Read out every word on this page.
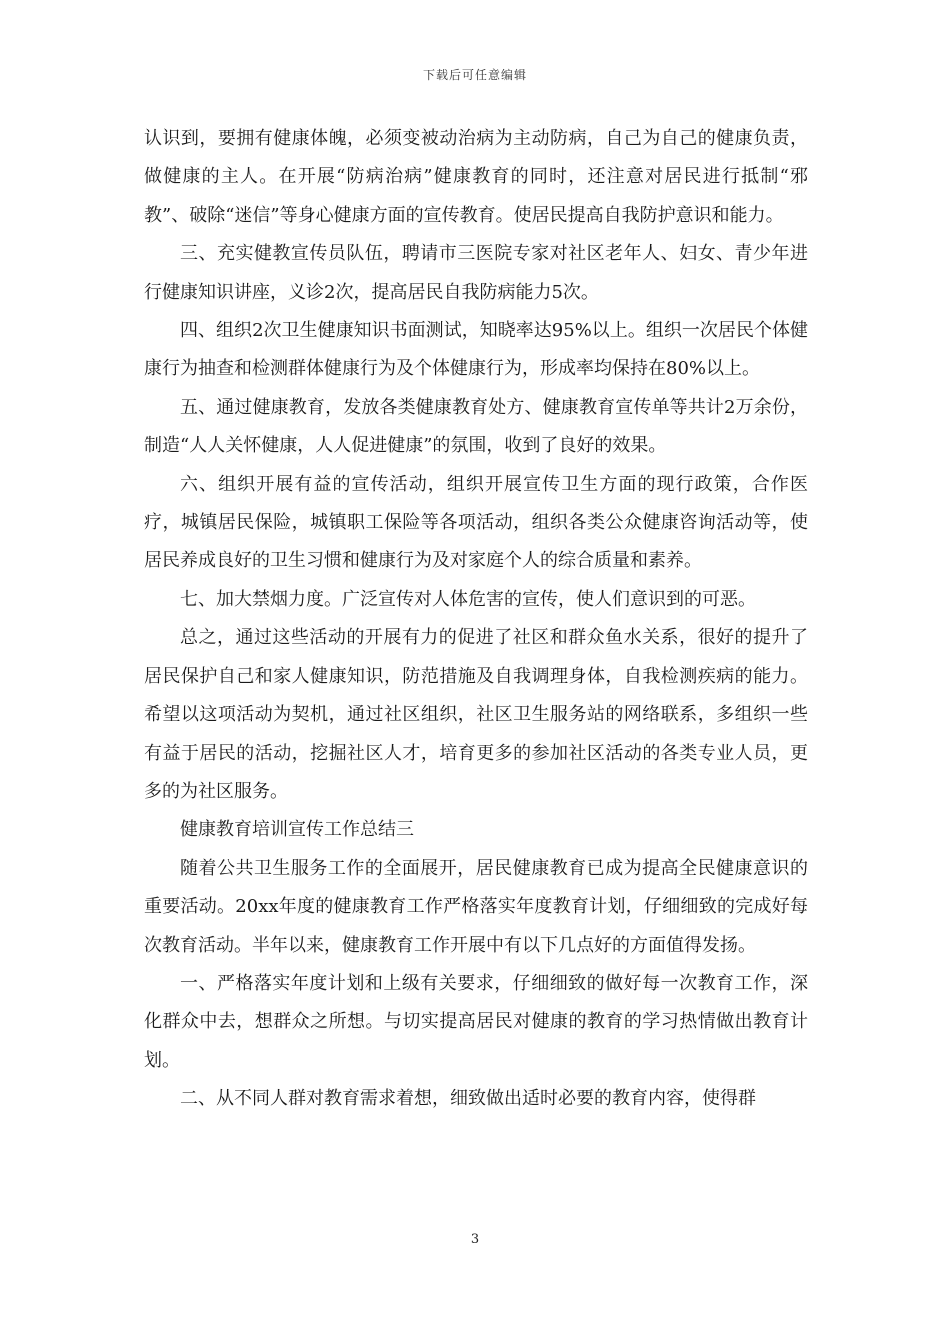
下载后可任意编辑

认识到，要拥有健康体魄，必须变被动治病为主动防病，自己为自己的健康负责，做健康的主人。在开展“防病治病”健康教育的同时，还注意对居民进行抵制“邪教”、破除“迷信”等身心健康方面的宣传教育。使居民提高自我防护意识和能力。

三、充实健教宣传员队伍，聘请市三医院专家对社区老年人、妇女、青少年进行健康知识讲座，义诊2次，提高居民自我防病能力5次。

四、组织2次卫生健康知识书面测试，知晓率达95%以上。组织一次居民个体健康行为抽查和检测群体健康行为及个体健康行为，形成率均保持在80%以上。

五、通过健康教育，发放各类健康教育处方、健康教育宣传单等共计2万余份，制造“人人关怀健康，人人促进健康”的氛围，收到了良好的效果。

六、组织开展有益的宣传活动，组织开展宣传卫生方面的现行政策，合作医疗，城镇居民保险，城镇职工保险等各项活动，组织各类公众健康咨询活动等，使居民养成良好的卫生习惯和健康行为及对家庭个人的综合质量和素养。

七、加大禁烟力度。广泛宣传对人体危害的宣传，使人们意识到的可恶。

总之，通过这些活动的开展有力的促进了社区和群众鱼水关系，很好的提升了居民保护自己和家人健康知识，防范措施及自我调理身体，自我检测疾病的能力。希望以这项活动为契机，通过社区组织，社区卫生服务站的网络联系，多组织一些有益于居民的活动，挖掘社区人才，培育更多的参加社区活动的各类专业人员，更多的为社区服务。

健康教育培训宣传工作总结三

随着公共卫生服务工作的全面展开，居民健康教育已成为提高全民健康意识的重要活动。20xx年度的健康教育工作严格落实年度教育计划，仔细细致的完成好每次教育活动。半年以来，健康教育工作开展中有以下几点好的方面值得发扬。

一、严格落实年度计划和上级有关要求，仔细细致的做好每一次教育工作，深化群众中去，想群众之所想。与切实提高居民对健康的教育的学习热情做出教育计划。

二、从不同人群对教育需求着想，细致做出适时必要的教育内容，使得群

3
